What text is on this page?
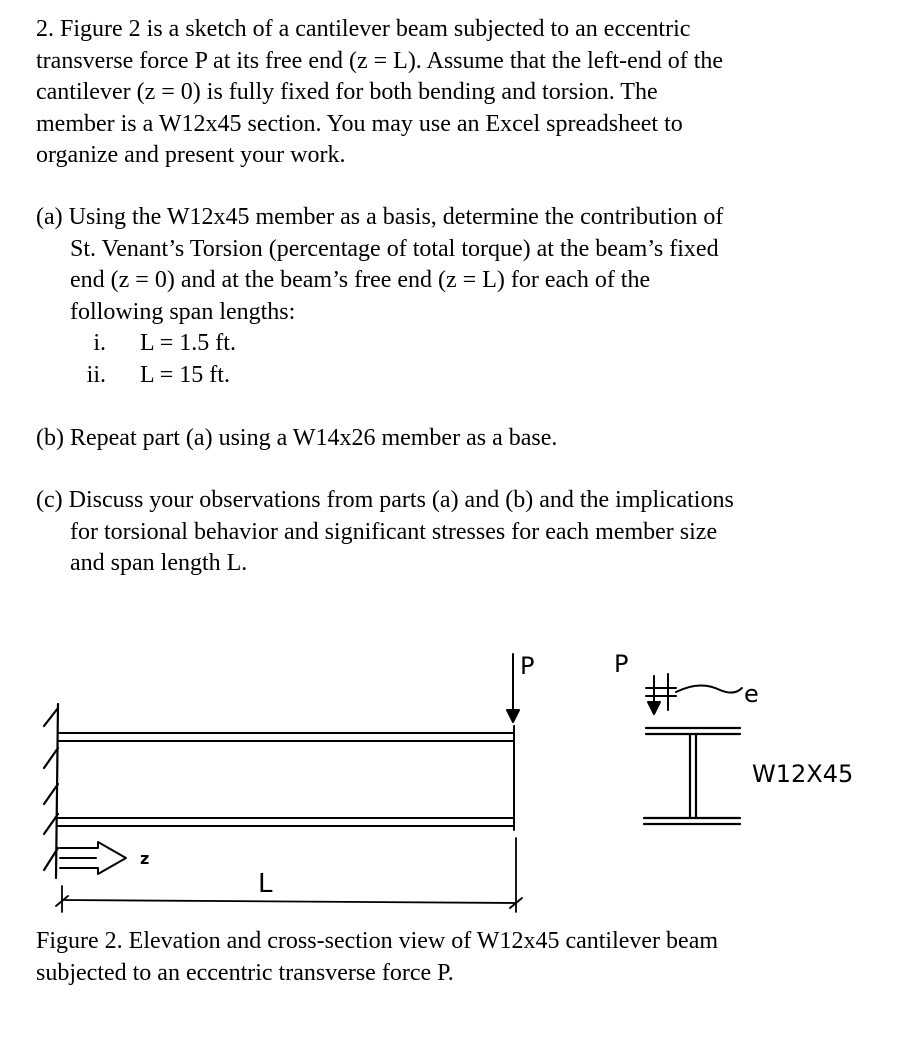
2. Figure 2 is a sketch of a cantilever beam subjected to an eccentric
transverse force P at its free end (z = L). Assume that the left-end of the
cantilever (z = 0) is fully fixed for both bending and torsion. The
member is a W12x45 section. You may use an Excel spreadsheet to
organize and present your work.
(a) Using the W12x45 member as a basis, determine the contribution of
St. Venant’s Torsion (percentage of total torque) at the beam’s fixed
end (z = 0) and at the beam’s free end (z = L) for each of the
following span lengths:
i. L = 1.5 ft.
ii. L = 15 ft.
(b) Repeat part (a) using a W14x26 member as a base.
(c) Discuss your observations from parts (a) and (b) and the implications
for torsional behavior and significant stresses for each member size
and span length L.
P
z
L
P
e
W12X45
Figure 2. Elevation and cross-section view of W12x45 cantilever beam
subjected to an eccentric transverse force P.
